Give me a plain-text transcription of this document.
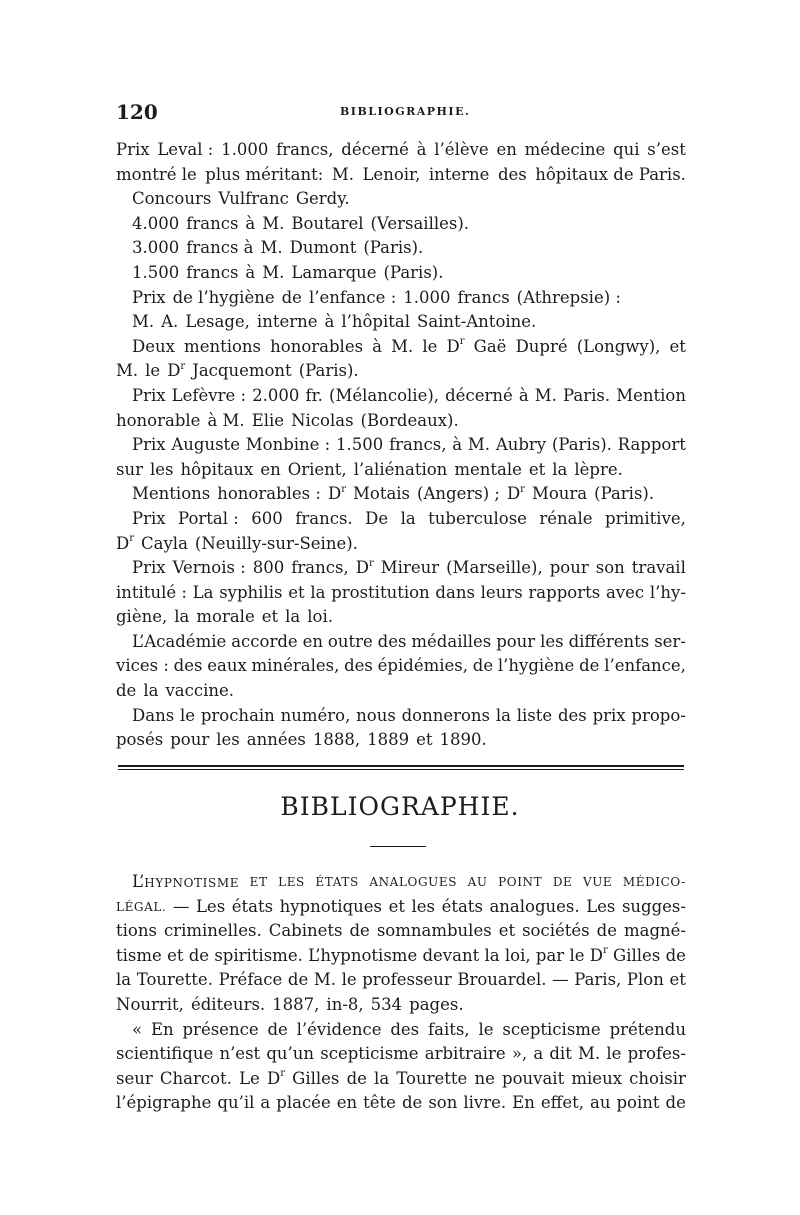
120	BIBLIOGRAPHIE.
Prix Leval : 1.000 francs, décerné à l’élève en médecine qui s’est
montré le plus méritant: M. Lenoir, interne des hôpitaux de Paris.
Concours Vulfranc Gerdy.
4.000 francs à M. Boutarel (Versailles).
3.000 francs à M. Dumont (Paris).
1.500 francs à M. Lamarque (Paris).
Prix de l’hygiène de l’enfance : 1.000 francs (Athrepsie) :
M. A. Lesage, interne à l’hôpital Saint-Antoine.
Deux mentions honorables à M. le $D^r$ Gaë Dupré (Longwy), et
M. le $D^r$ Jacquemont (Paris).
Prix Lefèvre : 2.000 fr. (Mélancolie), décerné à M. Paris. Mention
honorable à M. Elie Nicolas (Bordeaux).
Prix Auguste Monbine : 1.500 francs, à M. Aubry (Paris). Rapport
sur les hôpitaux en Orient, l’aliénation mentale et la lèpre.
Mentions honorables : $D^r$ Motais (Angers) ; $D^r$ Moura (Paris).
Prix Portal : 600 francs. De la tuberculose rénale primitive,
$D^r$ Cayla (Neuilly-sur-Seine).
Prix Vernois : 800 francs, $D^r$ Mireur (Marseille), pour son travail
intitulé : La syphilis et la prostitution dans leurs rapports avec l’hy-
giène, la morale et la loi.
L’Académie accorde en outre des médailles pour les différents ser-
vices : des eaux minérales, des épidémies, de l’hygiène de l’enfance,
de la vaccine.
Dans le prochain numéro, nous donnerons la liste des prix propo-
posés pour les années 1888, 1889 et 1890.
BIBLIOGRAPHIE.
L’HYPNOTISME ET LES ÉTATS ANALOGUES AU POINT DE VUE MÉDICO-
LÉGAL. — Les états hypnotiques et les états analogues. Les sugges-
tions criminelles. Cabinets de somnambules et sociétés de magné-
tisme et de spiritisme. L’hypnotisme devant la loi, par le $D^r$ Gilles de
la Tourette. Préface de M. le professeur Brouardel. — Paris, Plon et
Nourrit, éditeurs. 1887, in-8, 534 pages.
« En présence de l’évidence des faits, le scepticisme prétendu
scientifique n’est qu’un scepticisme arbitraire », a dit M. le profes-
seur Charcot. Le $D^r$ Gilles de la Tourette ne pouvait mieux choisir
l’épigraphe qu’il a placée en tête de son livre. En effet, au point de
